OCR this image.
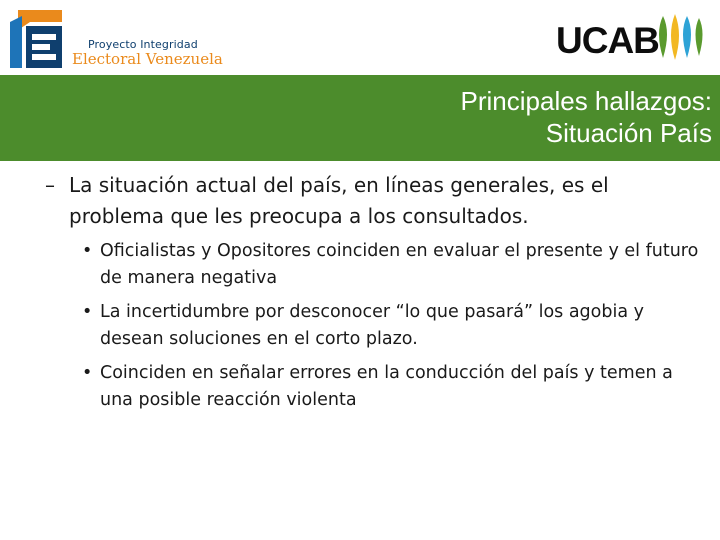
Proyecto Integridad
Electoral Venezuela	UCAB
Principales hallazgos:
Situación País
– La situación actual del país, en líneas generales, es el problema que les preocupa a los consultados.
• Oficialistas y Opositores coinciden en evaluar el presente y el futuro de manera negativa
• La incertidumbre por desconocer “lo que pasará” los agobia y desean soluciones en el corto plazo.
• Coinciden en señalar errores en la conducción del país y temen a una posible reacción violenta
